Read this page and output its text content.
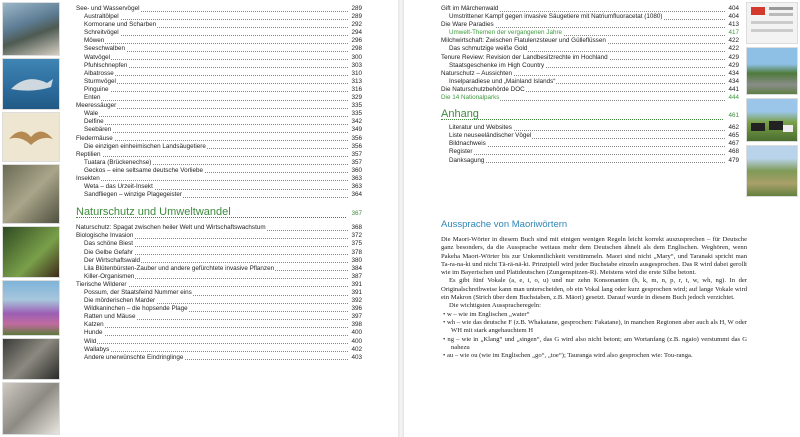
See- und Wasservögel	289
Australtölpel	289
Kormorane und Scharben	292
Schreitvögel	294
Möwen	296
Seeschwalben	298
Watvögel	300
Pfuhlschnepfen	303
Albatrosse	310
Sturmvögel	313
Pinguine	316
Enten	329
Meeressäuger	335
Wale	335
Delfine	342
Seebären	349
Fledermäuse	356
Die einzigen einheimischen Landsäugetiere	356
Reptilien	357
Tuatara (Brückenechse)	357
Geckos – eine seltsame deutsche Vorliebe	360
Insekten	363
Weta – das Urzeit-Insekt	363
Sandfliegen – winzige Plagegeister	364
Naturschutz und Umweltwandel	367
Naturschutz: Spagat zwischen heiler Welt und Wirtschaftswachstum	368
Biologische Invasion	372
Das schöne Biest	375
Die Gelbe Gefahr	378
Der Wirtschaftswald	380
Lila Blütenbürsten-Zauber und andere gefürchtete invasive Pflanzen	384
Killer-Organismen	387
Tierische Wilderer	391
Possum, der Staatsfeind Nummer eins	391
Die mörderischen Marder	392
Wildkaninchen – die hopsende Plage	396
Ratten und Mäuse	397
Katzen	398
Hunde	400
Wild	400
Wallabys	402
Andere unerwünschte Eindringlinge	403
Gift im Märchenwald	404
Umstrittener Kampf gegen invasive Säugetiere mit Natriumfluoracetat (1080)	404
Die Ware Paradies	413
Umwelt-Themen der vergangenen Jahre	417
Milchwirtschaft: Zwischen Flatulenzsteuer und Gülleflüssen	422
Das schmutzige weiße Gold	422
Tenure Review: Revision der Landbesitzrechte im Hochland	429
Staatsgeschenke im High Country	429
Naturschutz – Aussichten	434
Inselparadiese und „Mainland Islands“	434
Die Naturschutzbehörde DOC	441
Die 14 Nationalparks	444
Anhang	461
Literatur und Websites	462
Liste neuseeländischer Vögel	465
Bildnachweis	467
Register	468
Danksagung	479
Aussprache von Maoriwörtern

Die Maori-Wörter in diesem Buch sind mit einigen wenigen Regeln leicht korrekt auszusprechen – für Deutsche ganz besonders, da die Aussprache weitaus mehr dem Deutschen ähnelt als dem Englischen. Weghören, wenn Pakeha Maori-Wörter bis zur Unkenntlichkeit verstümmeln. Maori sind nicht „Mary“, und Taranaki spricht man Ta-ra-na-ki und nicht Tä-rä-nä-ki. Prinzipiell wird jeder Buchstabe einzeln ausgesprochen. Das R wird dabei gerollt wie im Bayerischen und Plattdeutschen (Zungenspitzen-R). Meistens wird die erste Silbe betont.

Es gibt fünf Vokale (a, e, i, o, u) und nur zehn Konsonanten (h, k, m, n, p, r, t, w, wh, ng). In der Originalschreibweise kann man unterscheiden, ob ein Vokal lang oder kurz gesprochen wird; auf lange Vokale wird ein Makron (Strich über dem Buchstaben, z.B. Māori) gesetzt. Darauf wurde in diesem Buch jedoch verzichtet.

Die wichtigsten Ausspracheregeln:

• w – wie im Englischen „water“

• wh – wie das deutsche F (z.B. Whakatane, gesprochen: Fakatane), in manchen Regionen aber auch als H, W oder WH mit stark angehauchtem H

• ng – wie in „Klang“ und „singen“, das G wird also nicht betont; am Wortanfang (z.B. ngaio) verstummt das G nahezu

• au – wie ou (wie im Englischen „go“, „toe“); Tauranga wird also gesprochen wie: Tou-ranga.
